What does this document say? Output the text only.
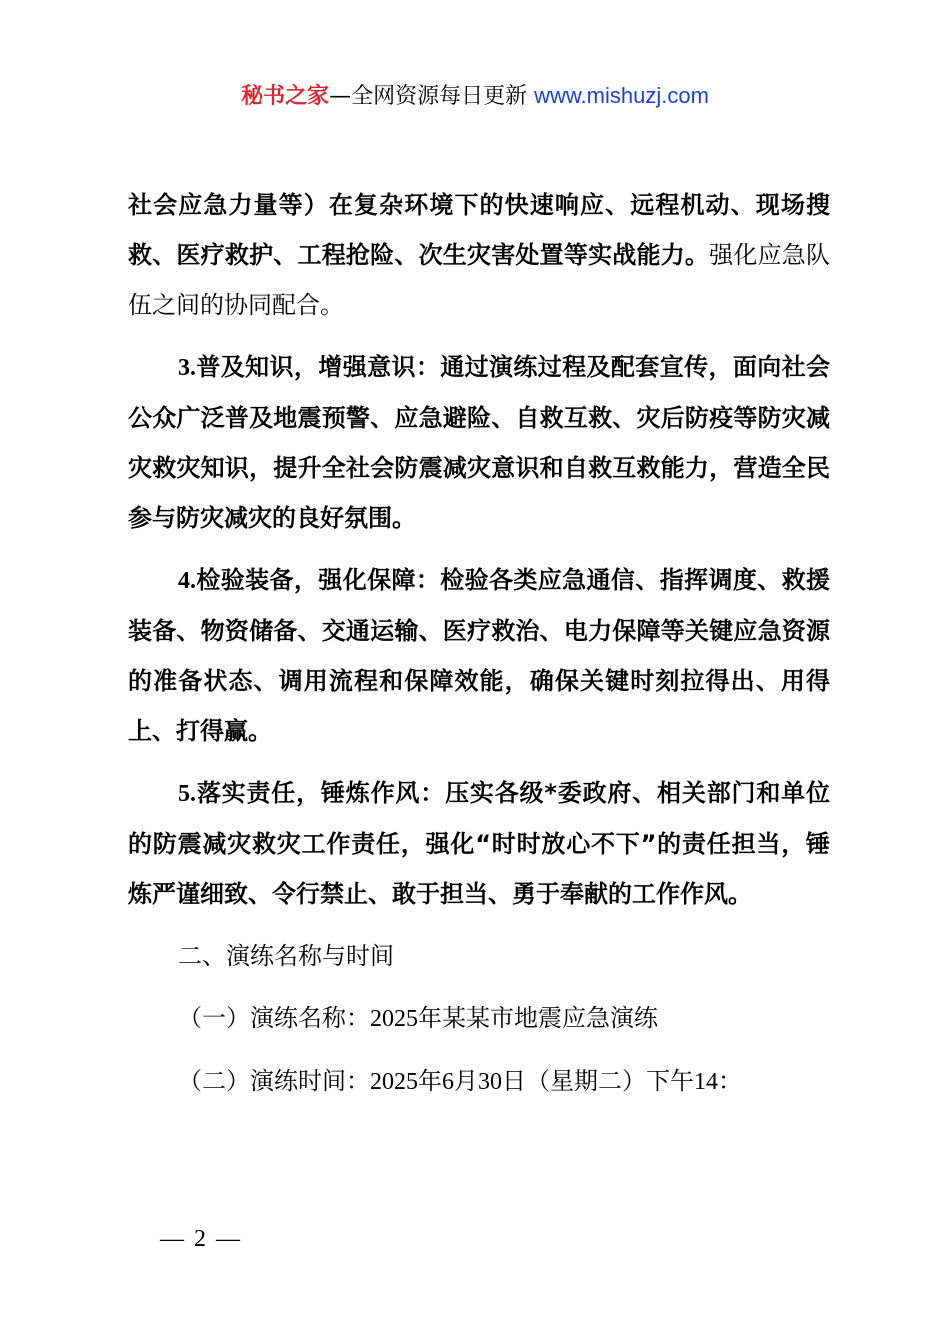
秘书之家—全网资源每日更新 www.mishuzj.com

社会应急力量等）在复杂环境下的快速响应、远程机动、现场搜救、医疗救护、工程抢险、次生灾害处置等实战能力。强化应急队伍之间的协同配合。

3.普及知识，增强意识：通过演练过程及配套宣传，面向社会公众广泛普及地震预警、应急避险、自救互救、灾后防疫等防灾减灾救灾知识，提升全社会防震减灾意识和自救互救能力，营造全民参与防灾减灾的良好氛围。

4.检验装备，强化保障：检验各类应急通信、指挥调度、救援装备、物资储备、交通运输、医疗救治、电力保障等关键应急资源的准备状态、调用流程和保障效能，确保关键时刻拉得出、用得上、打得赢。

5.落实责任，锤炼作风：压实各级*委政府、相关部门和单位的防震减灾救灾工作责任，强化“时时放心不下”的责任担当，锤炼严谨细致、令行禁止、敢于担当、勇于奉献的工作作风。

二、演练名称与时间

（一）演练名称：2025年某某市地震应急演练

（二）演练时间：2025年6月30日（星期二）下午14：

— 2 —
